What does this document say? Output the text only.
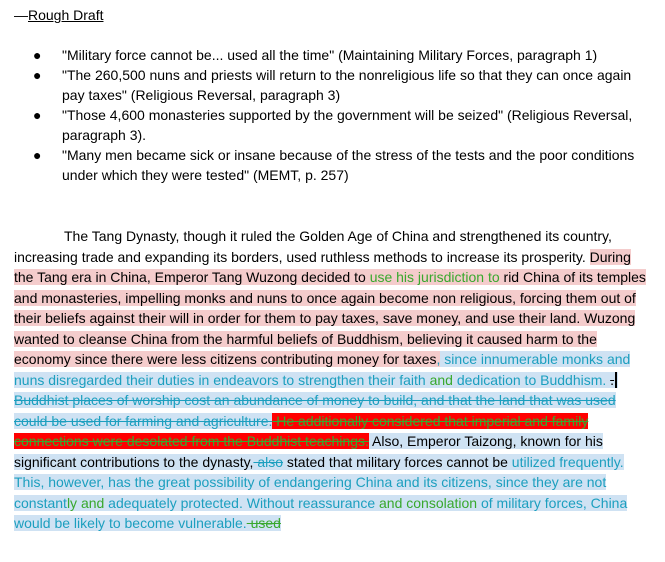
—Rough Draft
● "Military force cannot be... used all the time" (Maintaining Military Forces, paragraph 1)
● "The 260,500 nuns and priests will return to the nonreligious life so that they can once again pay taxes" (Religious Reversal, paragraph 3)
● "Those 4,600 monasteries supported by the government will be seized" (Religious Reversal, paragraph 3).
● "Many men became sick or insane because of the stress of the tests and the poor conditions under which they were tested" (MEMT, p. 257)

The Tang Dynasty, though it ruled the Golden Age of China and strengthened its country, increasing trade and expanding its borders, used ruthless methods to increase its prosperity. During the Tang era in China, Emperor Tang Wuzong decided to use his jurisdiction to rid China of its temples and monasteries, impelling monks and nuns to once again become non religious, forcing them out of their beliefs against their will in order for them to pay taxes, save money, and use their land. Wuzong wanted to cleanse China from the harmful beliefs of Buddhism, believing it caused harm to the economy since there were less citizens contributing money for taxes, since innumerable monks and nuns disregarded their duties in endeavors to strengthen their faith and dedication to Buddhism. .Buddhist places of worship cost an abundance of money to build, and that the land that was used could be used for farming and agriculture. He additionally considered that imperial and family connections were desolated from the Buddhist teachings. Also, Emperor Taizong, known for his significant contributions to the dynasty, also stated that military forces cannot be utilized frequently. This, however, has the great possibility of endangering China and its citizens, since they are not constantly and adequately protected. Without reassurance and consolation of military forces, China would be likely to become vulnerable. used
